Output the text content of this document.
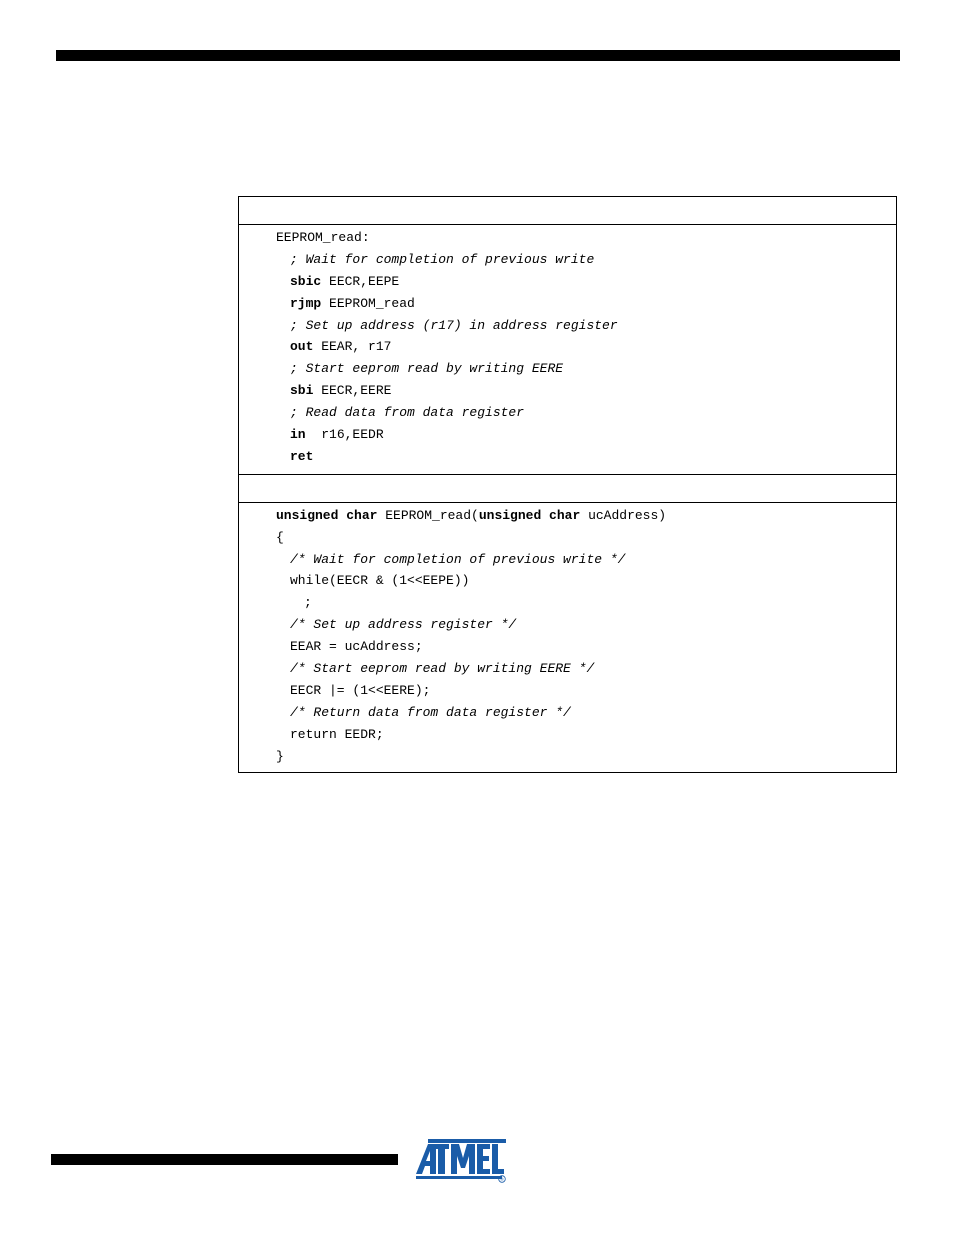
EEPROM_read:
; Wait for completion of previous write
sbic EECR,EEPE
rjmp EEPROM_read
; Set up address (r17) in address register
out EEAR, r17
; Start eeprom read by writing EERE
sbi EECR,EERE
; Read data from data register
in  r16,EEDR
ret
unsigned char EEPROM_read(unsigned char ucAddress)
{
/* Wait for completion of previous write */
while(EECR & (1<<EEPE))
;
/* Set up address register */
EEAR = ucAddress;
/* Start eeprom read by writing EERE */
EECR |= (1<<EERE);
/* Return data from data register */
return EEDR;
}
®
